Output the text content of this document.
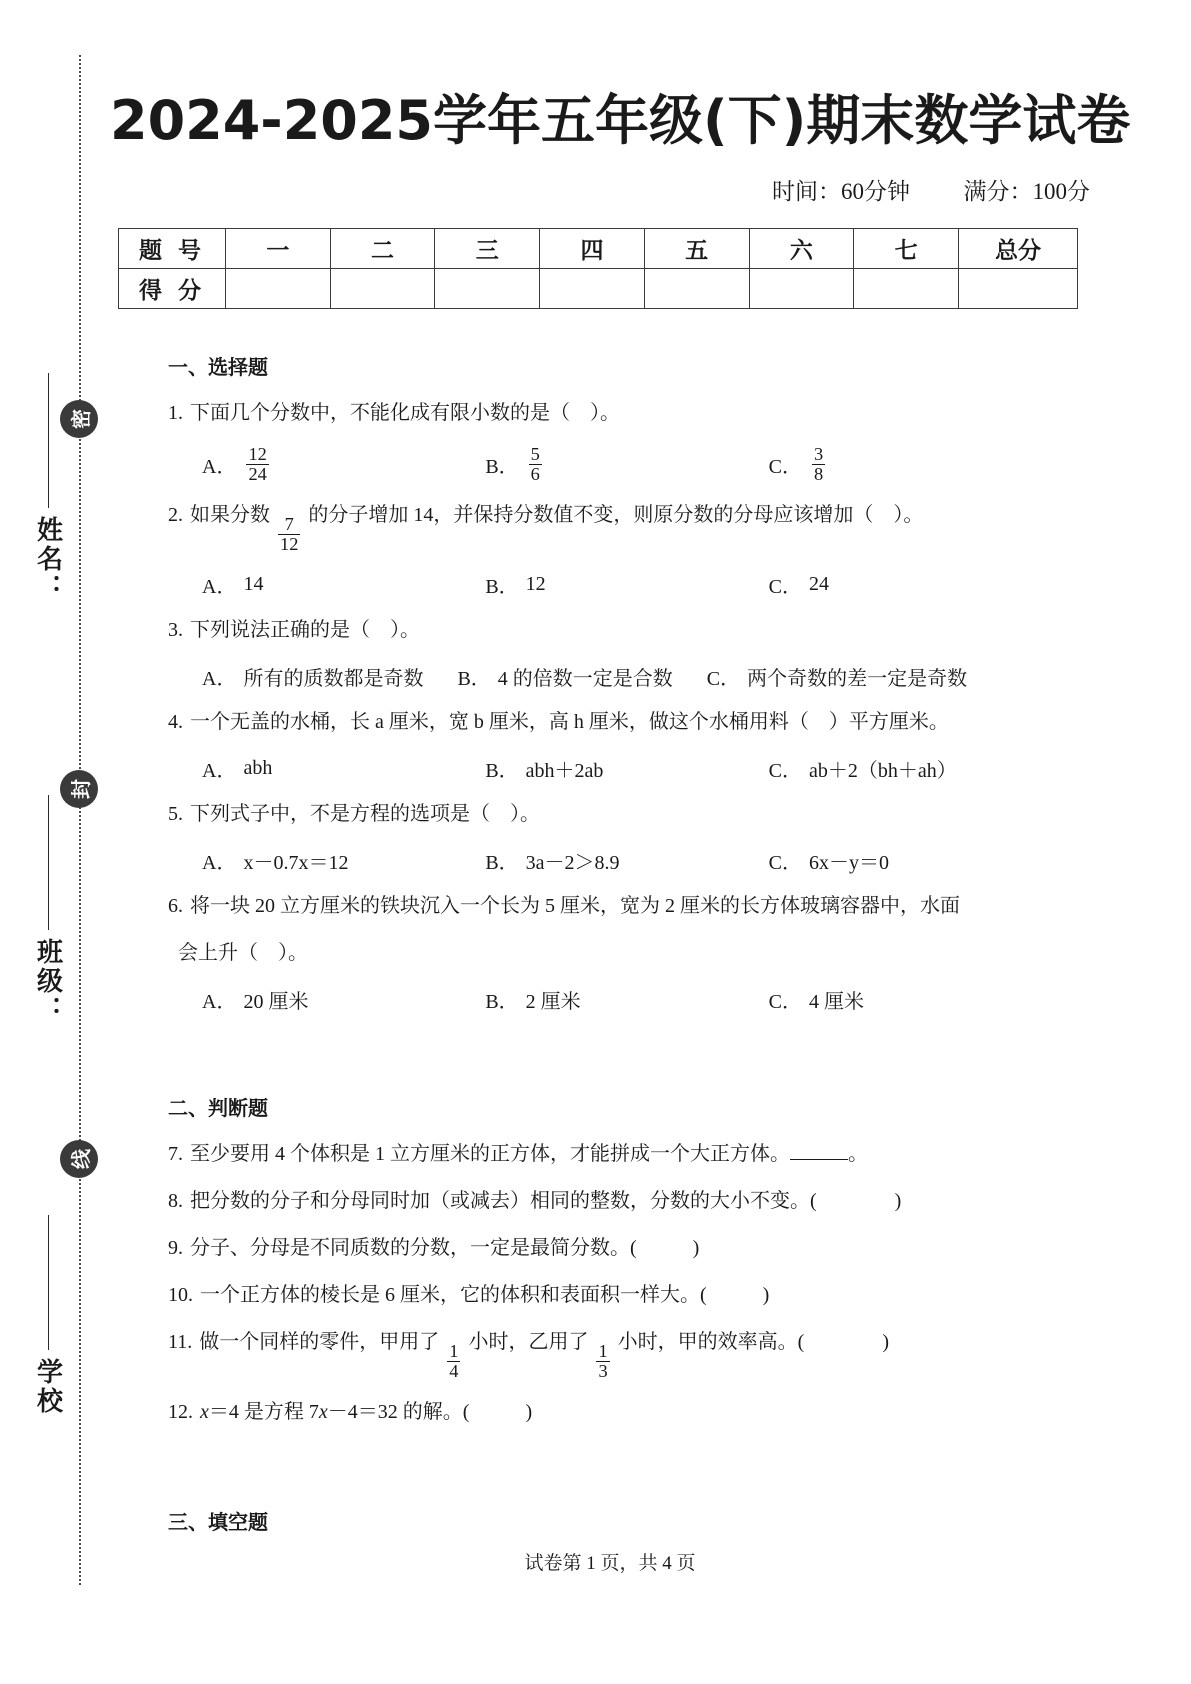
密
封
线
姓名：
班级：
学校
2024-2025学年五年级(下)期末数学试卷
时间：60分钟 满分：100分
题 号	一	二	三	四	五	六	七	总分
得 分								
一、选择题
1. 下面几个分数中，不能化成有限小数的是（　）。
A． $\frac{12}{24}$	B． $\frac{5}{6}$	C． $\frac{3}{8}$
2. 如果分数
$\frac{7}{12}$
的分子增加 14，并保持分数值不变，则原分数的分母应该增加（　）。
A． 14	B． 12	C． 24
3. 下列说法正确的是（　）。
A． 所有的质数都是奇数 B． 4 的倍数一定是合数 C． 两个奇数的差一定是奇数
4. 一个无盖的水桶，长 a 厘米，宽 b 厘米，高 h 厘米，做这个水桶用料（　）平方厘米。
A． abh	B． abh＋2ab	C． ab＋2（bh＋ah）
5. 下列式子中，不是方程的选项是（　）。
A． x－0.7x＝12	B． 3a－2＞8.9	C． 6x－y＝0
6. 将一块 20 立方厘米的铁块沉入一个长为 5 厘米，宽为 2 厘米的长方体玻璃容器中，水面
会上升（　）。
A． 20 厘米	B． 2 厘米	C． 4 厘米
二、判断题
7. 至少要用 4 个体积是 1 立方厘米的正方体，才能拼成一个大正方体。	。
8. 把分数的分子和分母同时加（或减去）相同的整数，分数的大小不变。(	)
9. 分子、分母是不同质数的分数，一定是最简分数。(	)
10. 一个正方体的棱长是 6 厘米，它的体积和表面积一样大。(	)
11. 做一个同样的零件，甲用了
$\frac{1}{4}$
小时，乙用了
$\frac{1}{3}$
小时，甲的效率高。(	)
12. x＝4 是方程 7x－4＝32 的解。(	)
三、填空题
试卷第 1 页，共 4 页
